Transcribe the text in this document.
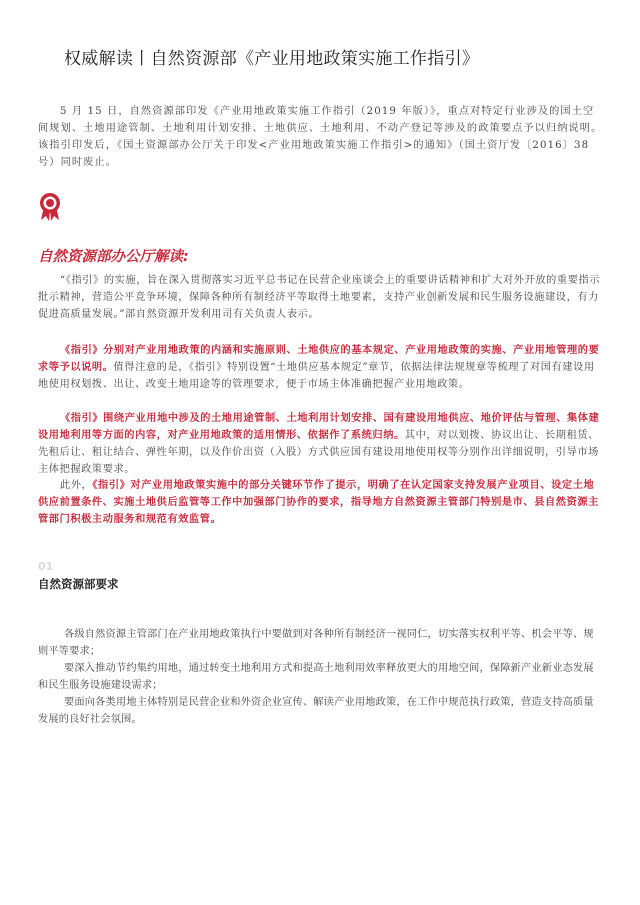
权威解读丨自然资源部《产业用地政策实施工作指引》

5 月 15 日，自然资源部印发《产业用地政策实施工作指引（2019 年版）》，重点对特定行业涉及的国土空间规划、土地用途管制、土地利用计划安排、土地供应、土地利用、不动产登记等涉及的政策要点予以归纳说明。该指引印发后，《国土资源部办公厅关于印发<产业用地政策实施工作指引>的通知》（国土资厅发〔2016〕38 号）同时废止。

自然资源部办公厅解读:

“《指引》的实施，旨在深入贯彻落实习近平总书记在民营企业座谈会上的重要讲话精神和扩大对外开放的重要指示批示精神，营造公平竞争环境，保障各种所有制经济平等取得土地要素，支持产业创新发展和民生服务设施建设，有力促进高质量发展。”部自然资源开发利用司有关负责人表示。

《指引》分别对产业用地政策的内涵和实施原则、土地供应的基本规定、产业用地政策的实施、产业用地管理的要求等予以说明。值得注意的是，《指引》特别设置“土地供应基本规定”章节，依据法律法规规章等梳理了对国有建设用地使用权划拨、出让、改变土地用途等的管理要求，便于市场主体准确把握产业用地政策。

《指引》围绕产业用地中涉及的土地用途管制、土地利用计划安排、国有建设用地供应、地价评估与管理、集体建设用地利用等方面的内容，对产业用地政策的适用情形、依据作了系统归纳。其中，对以划拨、协议出让、长期租赁、先租后让、租让结合、弹性年期，以及作价出资（入股）方式供应国有建设用地使用权等分别作出详细说明，引导市场主体把握政策要求。

此外，《指引》对产业用地政策实施中的部分关键环节作了提示，明确了在认定国家支持发展产业项目、设定土地供应前置条件、实施土地供后监管等工作中加强部门协作的要求，指导地方自然资源主管部门特别是市、县自然资源主管部门积极主动服务和规范有效监管。

01
自然资源部要求

各级自然资源主管部门在产业用地政策执行中要做到对各种所有制经济一视同仁，切实落实权利平等、机会平等、规则平等要求；

要深入推动节约集约用地，通过转变土地利用方式和提高土地利用效率释放更大的用地空间，保障新产业新业态发展和民生服务设施建设需求；

要面向各类用地主体特别是民营企业和外资企业宣传、解读产业用地政策，在工作中规范执行政策，营造支持高质量发展的良好社会氛围。
